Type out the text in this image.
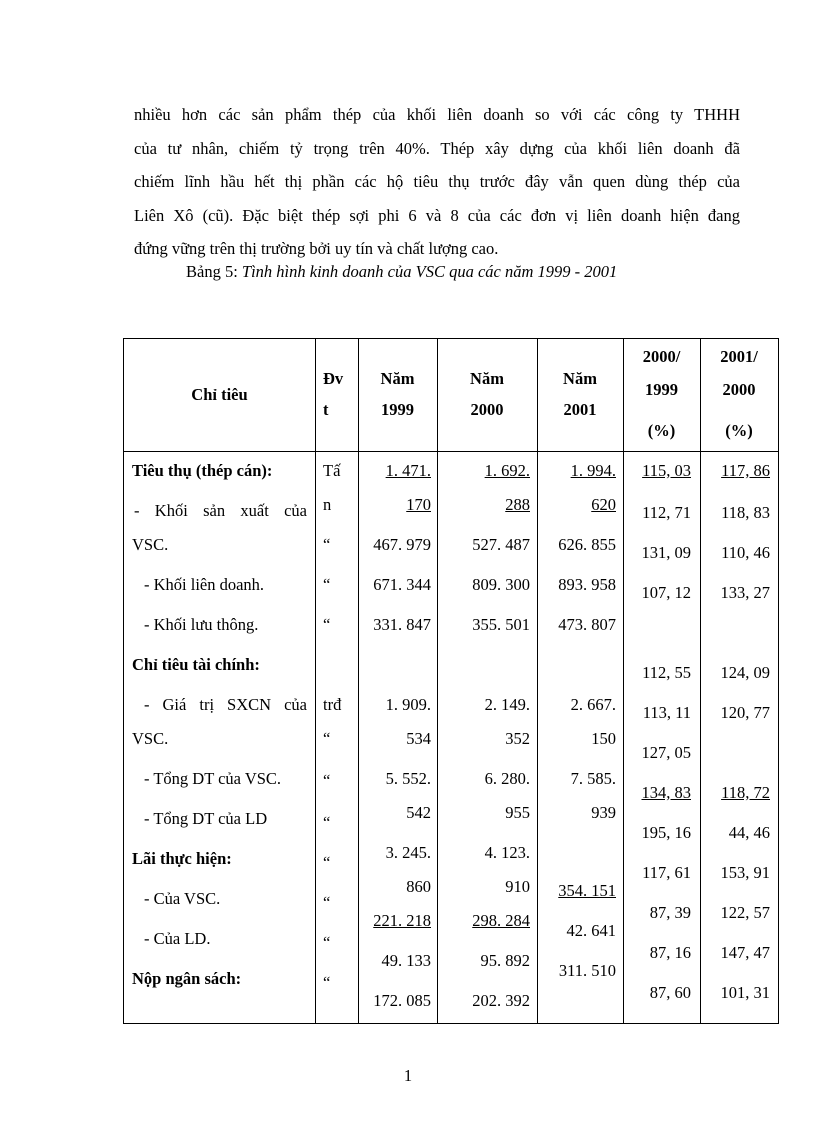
nhiều hơn các sản phẩm thép của khối liên doanh so với các công ty THHH
của tư nhân, chiếm tỷ trọng trên 40%. Thép xây dựng của khối liên doanh đã
chiếm lĩnh hầu hết thị phần các hộ tiêu thụ trước đây vẫn quen dùng thép của
Liên Xô (cũ). Đặc biệt thép sợi phi 6 và 8 của các đơn vị liên doanh hiện đang
đứng vững trên thị trường bởi uy tín và chất lượng cao.
Bảng 5: Tình hình kinh doanh của VSC qua các năm 1999 - 2001
Chỉ tiêu
Đv
t
Năm
1999
Năm
2000
Năm
2001
2000/
1999
(%)
2001/
2000
(%)
Tiêu thụ (thép cán):
- Khối sản xuất của
VSC.
- Khối liên doanh.
- Khối lưu thông.
Chỉ tiêu tài chính:
- Giá trị SXCN của
VSC.
- Tổng DT của VSC.
- Tổng DT của LD
Lãi thực hiện:
- Của VSC.
- Của LD.
Nộp ngân sách:
Tấ
n
“
“
“
trđ
“
“
“
“
“
“
“
1. 471.
170
467. 979
671. 344
331. 847
1. 909.
534
5. 552.
542
3. 245.
860
221. 218
49. 133
172. 085
1. 692.
288
527. 487
809. 300
355. 501
2. 149.
352
6. 280.
955
4. 123.
910
298. 284
95. 892
202. 392
1. 994.
620
626. 855
893. 958
473. 807
2. 667.
150
7. 585.
939
354. 151
42. 641
311. 510
115, 03
112, 71
131, 09
107, 12
112, 55
113, 11
127, 05
134, 83
195, 16
117, 61
87, 39
87, 16
87, 60
117, 86
118, 83
110, 46
133, 27
124, 09
120, 77
118, 72
44, 46
153, 91
122, 57
147, 47
101, 31
1
